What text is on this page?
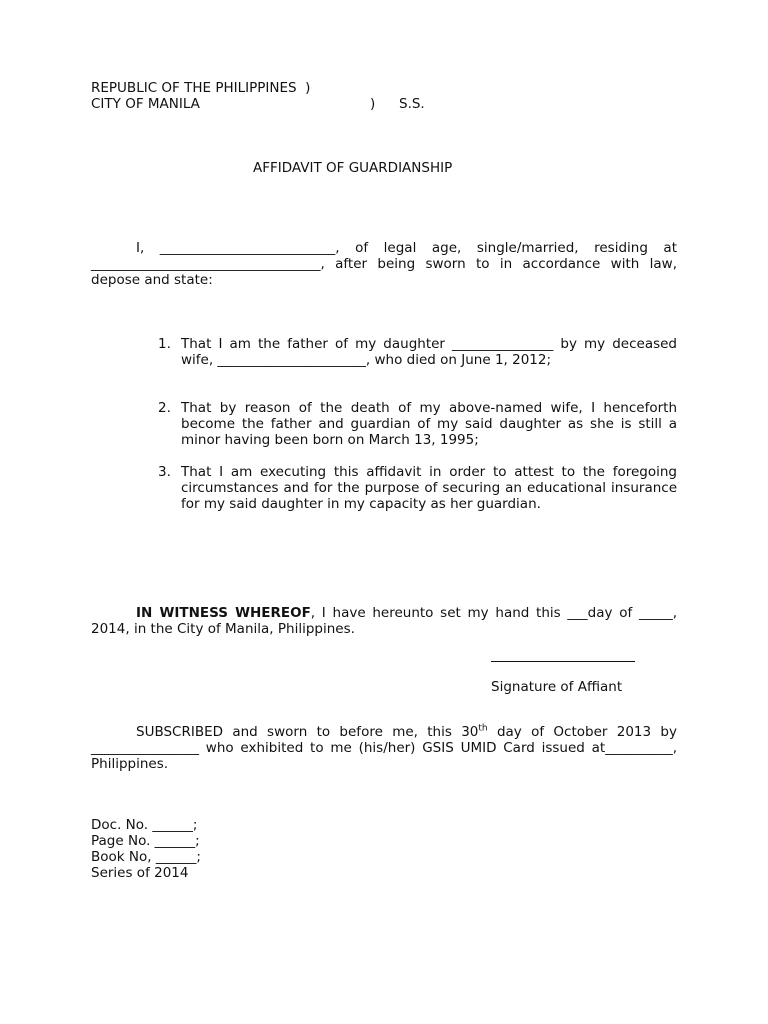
REPUBLIC OF THE PHILIPPINES  )
CITY OF MANILA	) S.S.
AFFIDAVIT OF GUARDIANSHIP
I, __________________________, of legal age, single/married, residing at __________________________________, after being sworn to in accordance with law, depose and state:
1. That I am the father of my daughter _______________ by my deceased wife, ______________________, who died on June 1, 2012;
2. That by reason of the death of my above-named wife, I henceforth become the father and guardian of my said daughter as she is still a minor having been born on March 13, 1995;
3. That I am executing this affidavit in order to attest to the foregoing circumstances and for the purpose of securing an educational insurance for my said daughter in my capacity as her guardian.
IN WITNESS WHEREOF, I have hereunto set my hand this ___day of _____, 2014, in the City of Manila, Philippines.
Signature of Affiant
SUBSCRIBED and sworn to before me, this 30th day of October 2013 by ________________ who exhibited to me (his/her) GSIS UMID Card issued at__________, Philippines.
Doc. No. ______;
Page No. ______;
Book No, ______;
Series of 2014
